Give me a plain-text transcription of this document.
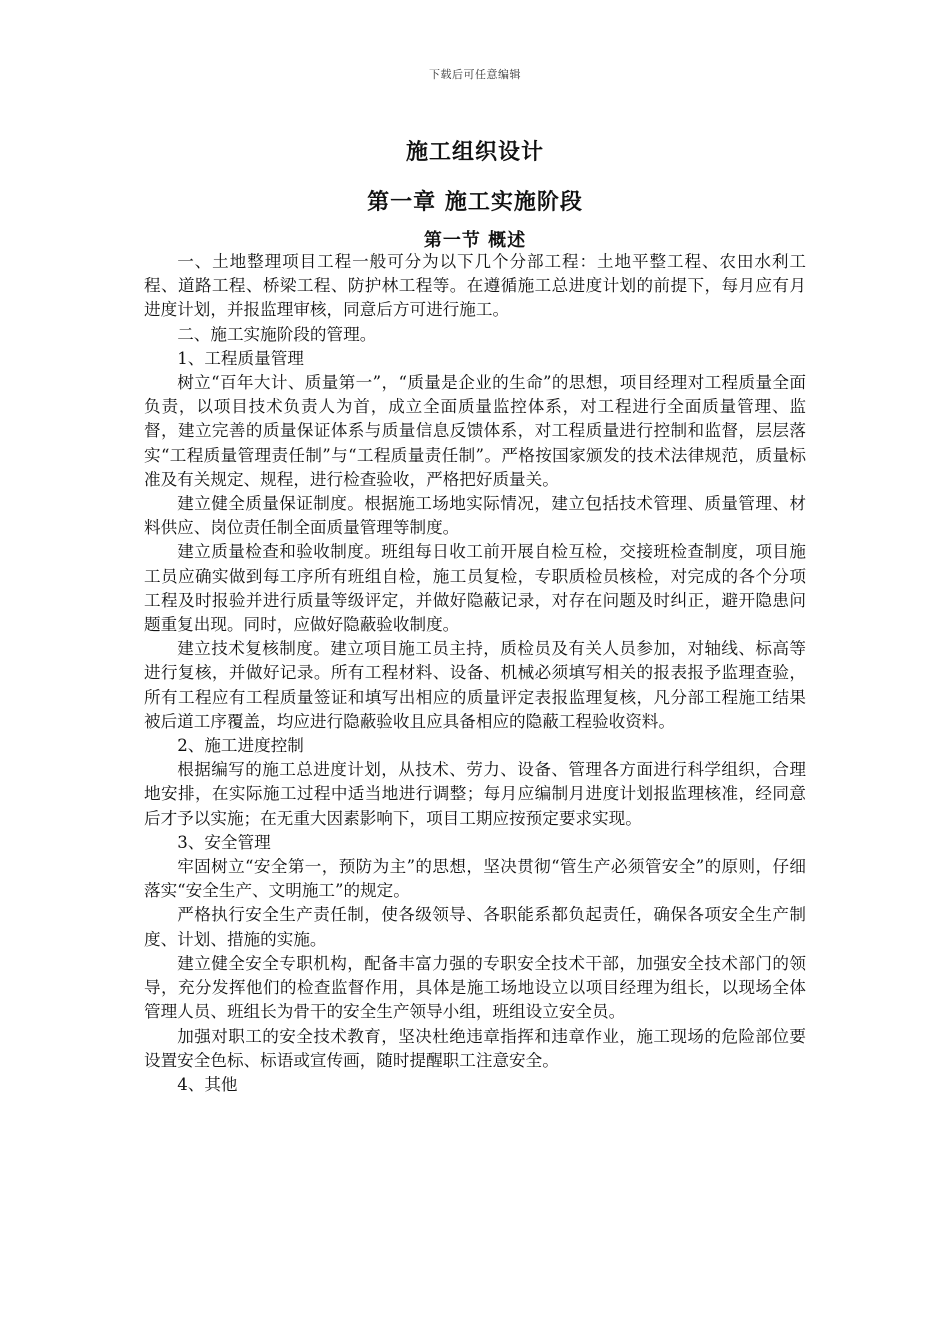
下载后可任意编辑
施工组织设计
第一章 施工实施阶段
第一节 概述

一、土地整理项目工程一般可分为以下几个分部工程：土地平整工程、农田水利工程、道路工程、桥梁工程、防护林工程等。在遵循施工总进度计划的前提下，每月应有月进度计划，并报监理审核，同意后方可进行施工。

二、施工实施阶段的管理。

1、工程质量管理

树立“百年大计、质量第一”，“质量是企业的生命”的思想，项目经理对工程质量全面负责，以项目技术负责人为首，成立全面质量监控体系，对工程进行全面质量管理、监督，建立完善的质量保证体系与质量信息反馈体系，对工程质量进行控制和监督，层层落实“工程质量管理责任制”与“工程质量责任制”。严格按国家颁发的技术法律规范，质量标准及有关规定、规程，进行检查验收，严格把好质量关。

建立健全质量保证制度。根据施工场地实际情况，建立包括技术管理、质量管理、材料供应、岗位责任制全面质量管理等制度。

建立质量检查和验收制度。班组每日收工前开展自检互检，交接班检查制度，项目施工员应确实做到每工序所有班组自检，施工员复检，专职质检员核检，对完成的各个分项工程及时报验并进行质量等级评定，并做好隐蔽记录，对存在问题及时纠正，避开隐患问题重复出现。同时，应做好隐蔽验收制度。

建立技术复核制度。建立项目施工员主持，质检员及有关人员参加，对轴线、标高等进行复核，并做好记录。所有工程材料、设备、机械必须填写相关的报表报予监理查验，所有工程应有工程质量签证和填写出相应的质量评定表报监理复核，凡分部工程施工结果被后道工序覆盖，均应进行隐蔽验收且应具备相应的隐蔽工程验收资料。

2、施工进度控制

根据编写的施工总进度计划，从技术、劳力、设备、管理各方面进行科学组织，合理地安排，在实际施工过程中适当地进行调整；每月应编制月进度计划报监理核准，经同意后才予以实施；在无重大因素影响下，项目工期应按预定要求实现。

3、安全管理

牢固树立“安全第一，预防为主”的思想，坚决贯彻“管生产必须管安全”的原则，仔细落实“安全生产、文明施工”的规定。

严格执行安全生产责任制，使各级领导、各职能系都负起责任，确保各项安全生产制度、计划、措施的实施。

建立健全安全专职机构，配备丰富力强的专职安全技术干部，加强安全技术部门的领导，充分发挥他们的检查监督作用，具体是施工场地设立以项目经理为组长，以现场全体管理人员、班组长为骨干的安全生产领导小组，班组设立安全员。

加强对职工的安全技术教育，坚决杜绝违章指挥和违章作业，施工现场的危险部位要设置安全色标、标语或宣传画，随时提醒职工注意安全。

4、其他
